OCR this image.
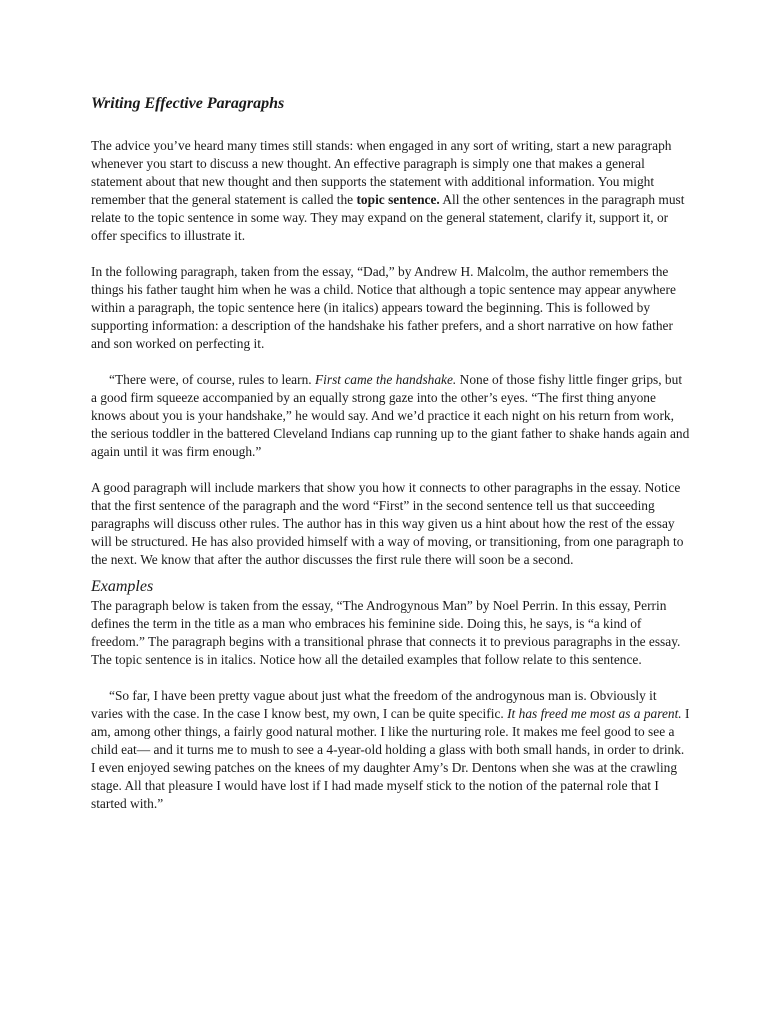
Writing Effective Paragraphs

The advice you’ve heard many times still stands: when engaged in any sort of writing, start a new paragraph whenever you start to discuss a new thought. An effective paragraph is simply one that makes a general statement about that new thought and then supports the statement with additional information. You might remember that the general statement is called the topic sentence. All the other sentences in the paragraph must relate to the topic sentence in some way. They may expand on the general statement, clarify it, support it, or offer specifics to illustrate it.

In the following paragraph, taken from the essay, “Dad,” by Andrew H. Malcolm, the author remembers the things his father taught him when he was a child. Notice that although a topic sentence may appear anywhere within a paragraph, the topic sentence here (in italics) appears toward the beginning. This is followed by supporting information: a description of the handshake his father prefers, and a short narrative on how father and son worked on perfecting it.

“There were, of course, rules to learn. First came the handshake. None of those fishy little finger grips, but a good firm squeeze accompanied by an equally strong gaze into the other’s eyes. “The first thing anyone knows about you is your handshake,” he would say. And we’d practice it each night on his return from work, the serious toddler in the battered Cleveland Indians cap running up to the giant father to shake hands again and again until it was firm enough.”

A good paragraph will include markers that show you how it connects to other paragraphs in the essay. Notice that the first sentence of the paragraph and the word “First” in the second sentence tell us that succeeding paragraphs will discuss other rules. The author has in this way given us a hint about how the rest of the essay will be structured. He has also provided himself with a way of moving, or transitioning, from one paragraph to the next. We know that after the author discusses the first rule there will soon be a second.

Examples

The paragraph below is taken from the essay, “The Androgynous Man” by Noel Perrin. In this essay, Perrin defines the term in the title as a man who embraces his feminine side. Doing this, he says, is “a kind of freedom.” The paragraph begins with a transitional phrase that connects it to previous paragraphs in the essay. The topic sentence is in italics. Notice how all the detailed examples that follow relate to this sentence.

“So far, I have been pretty vague about just what the freedom of the androgynous man is. Obviously it varies with the case. In the case I know best, my own, I can be quite specific. It has freed me most as a parent. I am, among other things, a fairly good natural mother. I like the nurturing role. It makes me feel good to see a child eat— and it turns me to mush to see a 4-year-old holding a glass with both small hands, in order to drink. I even enjoyed sewing patches on the knees of my daughter Amy’s Dr. Dentons when she was at the crawling stage. All that pleasure I would have lost if I had made myself stick to the notion of the paternal role that I started with.”
